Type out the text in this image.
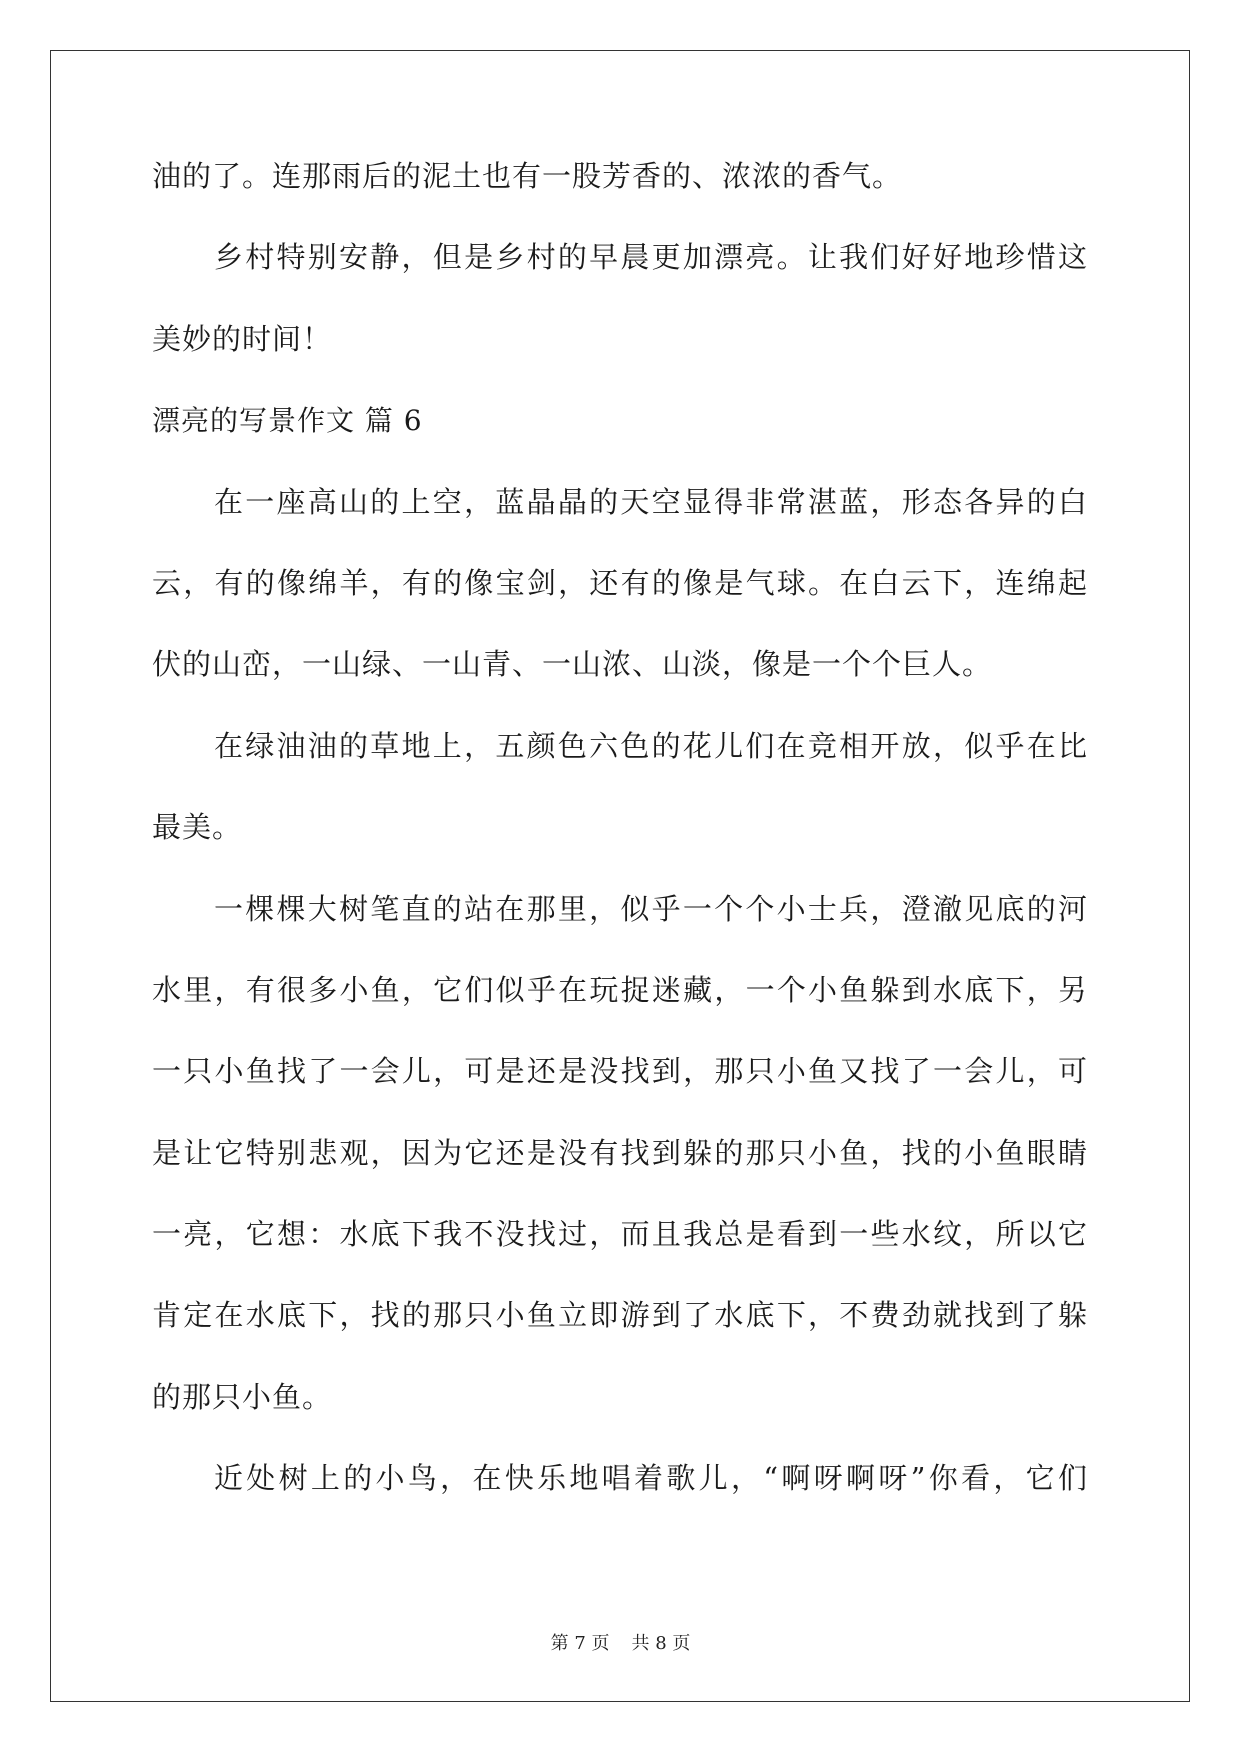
油的了。连那雨后的泥土也有一股芳香的、浓浓的香气。
乡村特别安静，但是乡村的早晨更加漂亮。让我们好好地珍惜这
美妙的时间！
漂亮的写景作文 篇 6
在一座高山的上空，蓝晶晶的天空显得非常湛蓝，形态各异的白
云，有的像绵羊，有的像宝剑，还有的像是气球。在白云下，连绵起
伏的山峦，一山绿、一山青、一山浓、山淡，像是一个个巨人。
在绿油油的草地上，五颜色六色的花儿们在竞相开放，似乎在比
最美。
一棵棵大树笔直的站在那里，似乎一个个小士兵，澄澈见底的河
水里，有很多小鱼，它们似乎在玩捉迷藏，一个小鱼躲到水底下，另
一只小鱼找了一会儿，可是还是没找到，那只小鱼又找了一会儿，可
是让它特别悲观，因为它还是没有找到躲的那只小鱼，找的小鱼眼睛
一亮，它想：水底下我不没找过，而且我总是看到一些水纹，所以它
肯定在水底下，找的那只小鱼立即游到了水底下，不费劲就找到了躲
的那只小鱼。
近处树上的小鸟，在快乐地唱着歌儿，“啊呀啊呀”你看，它们
第 7 页 共 8 页
